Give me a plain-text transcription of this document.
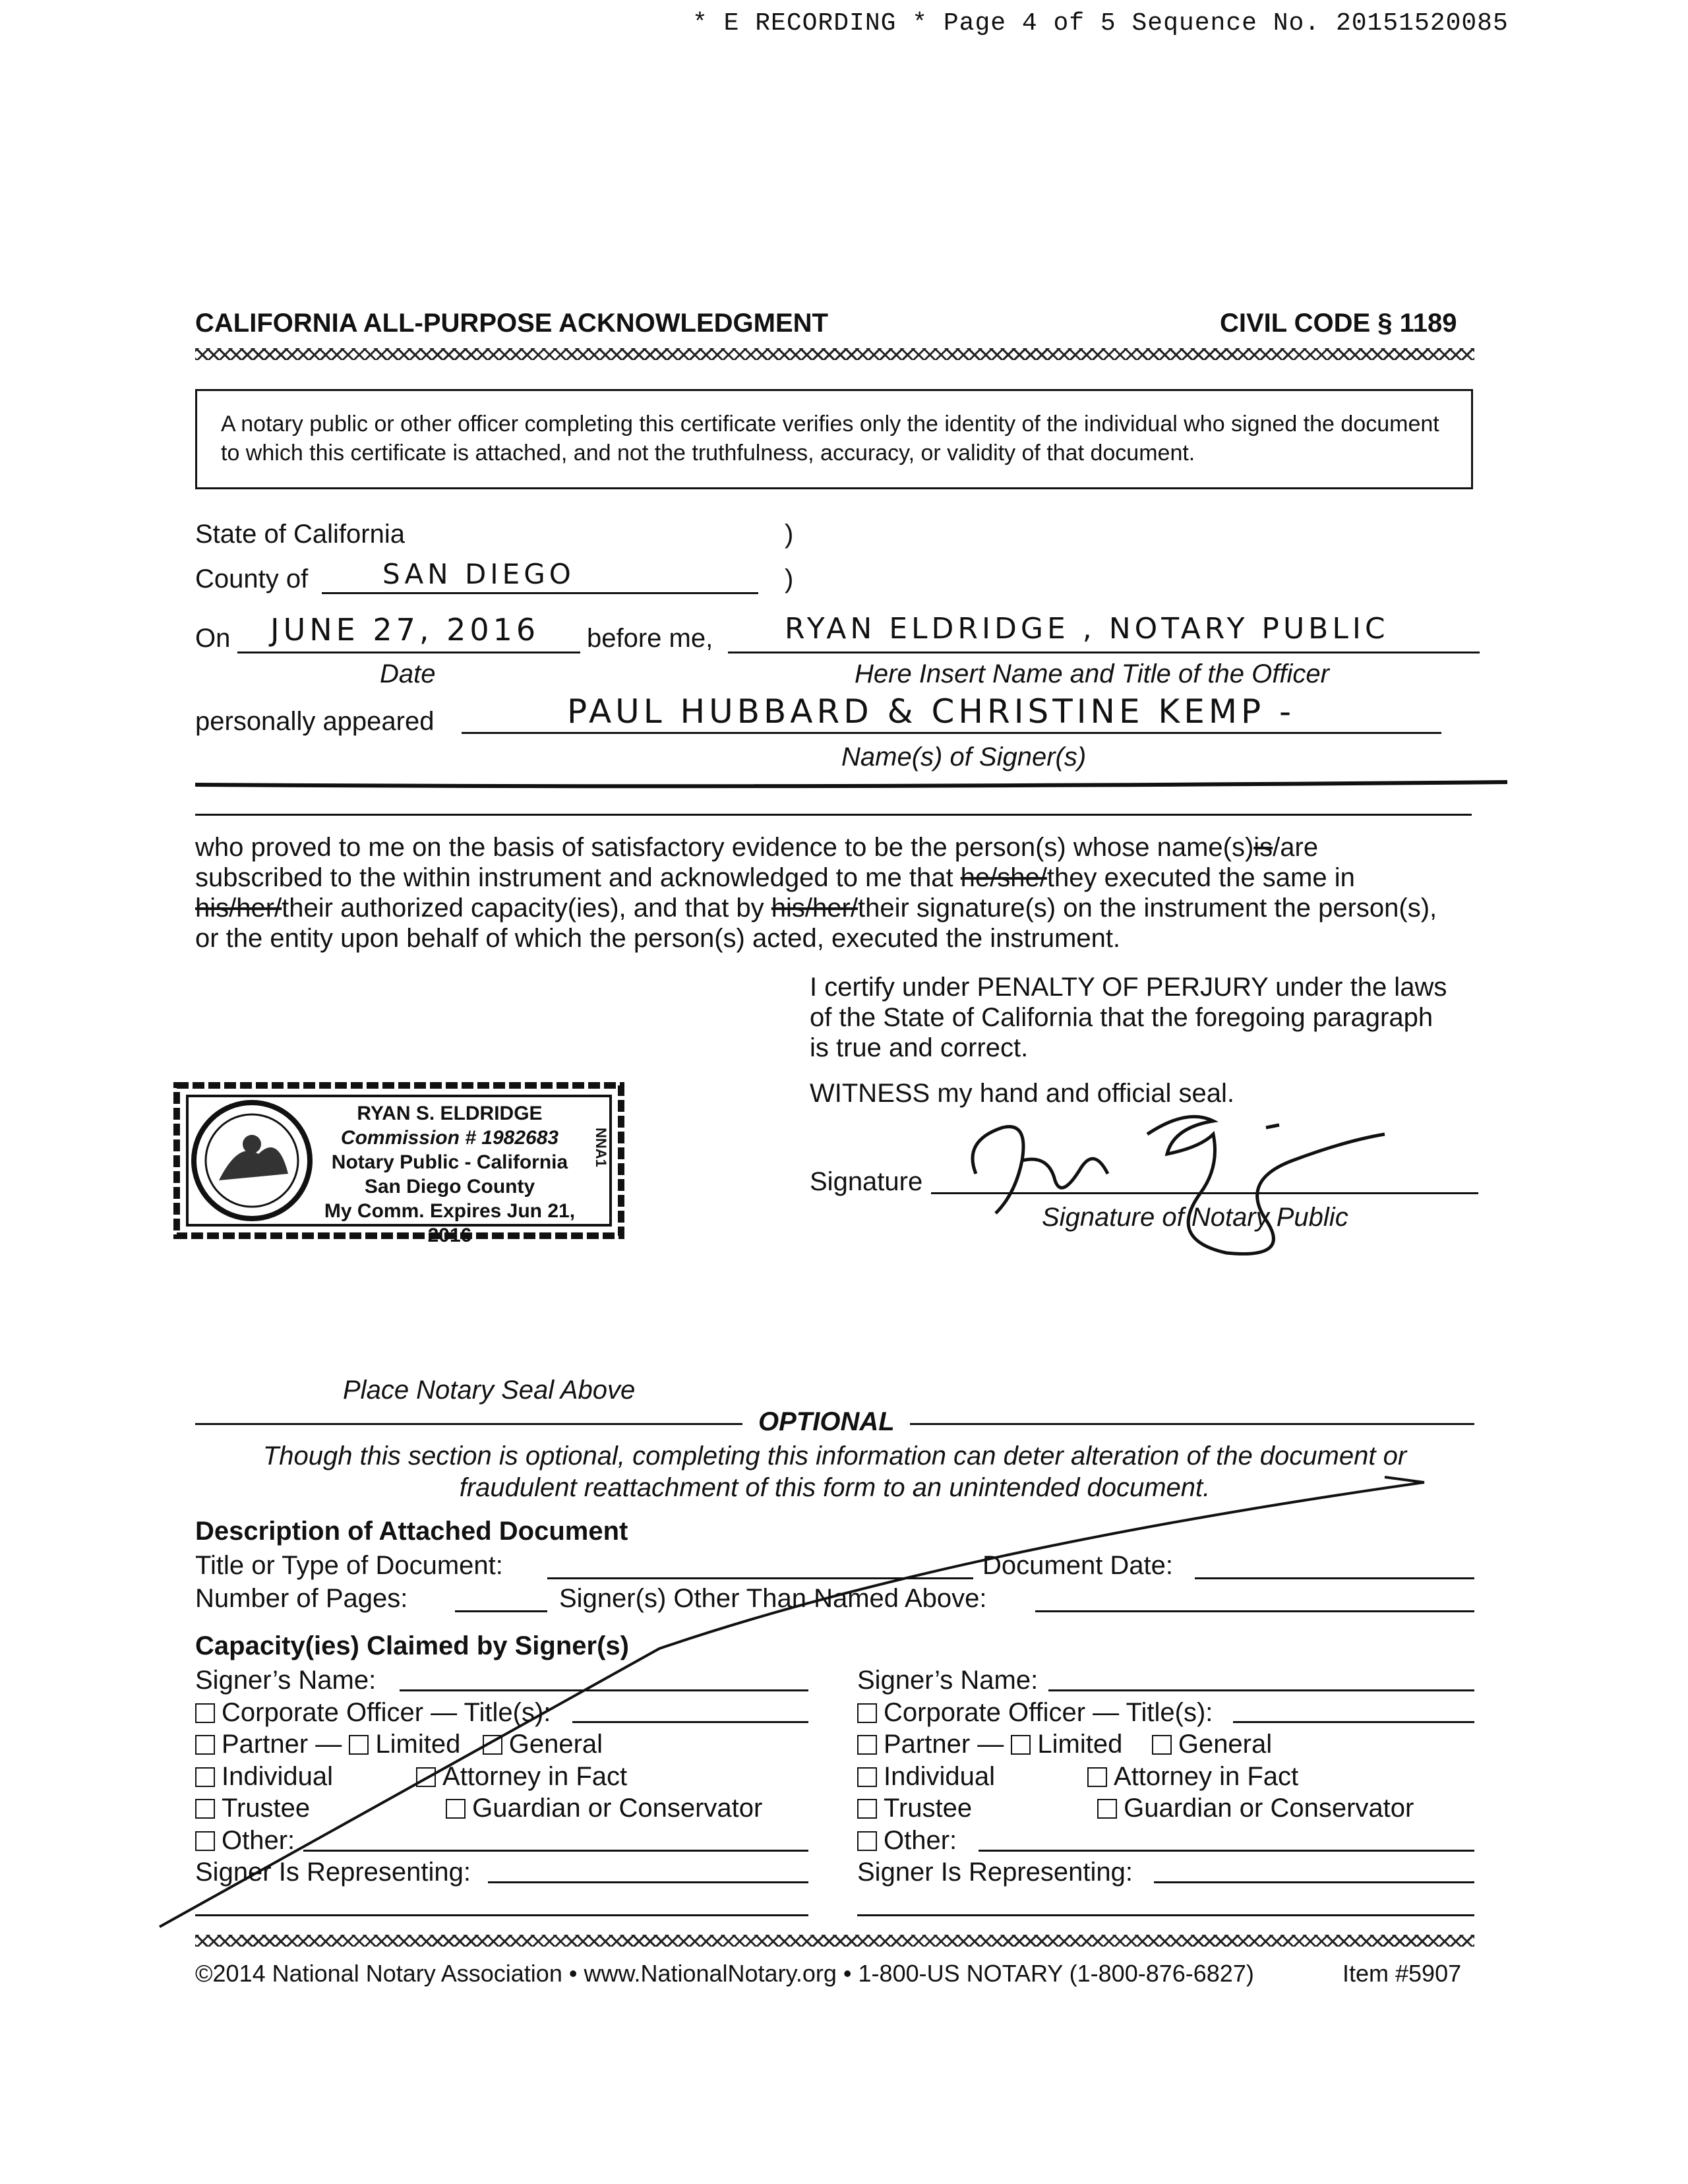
* E RECORDING * Page 4 of 5 Sequence No. 20151520085
CALIFORNIA ALL-PURPOSE ACKNOWLEDGMENT	CIVIL CODE § 1189
A notary public or other officer completing this certificate verifies only the identity of the individual who signed the document to which this certificate is attached, and not the truthfulness, accuracy, or validity of that document.
State of California	)
County of	SAN DIEGO	)
On JUNE 27, 2016 before me, RYAN ELDRIDGE , NOTARY PUBLIC
Date	Here Insert Name and Title of the Officer
personally appeared	PAUL HUBBARD & CHRISTINE KEMP -
Name(s) of Signer(s)
who proved to me on the basis of satisfactory evidence to be the person(s) whose name(s)is/are
subscribed to the within instrument and acknowledged to me that he/she/they executed the same in
his/her/their authorized capacity(ies), and that by his/her/their signature(s) on the instrument the person(s),
or the entity upon behalf of which the person(s) acted, executed the instrument.
I certify under PENALTY OF PERJURY under the laws
of the State of California that the foregoing paragraph
is true and correct.
WITNESS my hand and official seal.
Signature
Signature of Notary Public
RYAN S. ELDRIDGE
Commission # 1982683
Notary Public - California
San Diego County
My Comm. Expires Jun 21, 2016
NNA1
Place Notary Seal Above
OPTIONAL
Though this section is optional, completing this information can deter alteration of the document or
fraudulent reattachment of this form to an unintended document.
Description of Attached Document
Title or Type of Document:	Document Date:
Number of Pages:	Signer(s) Other Than Named Above:
Capacity(ies) Claimed by Signer(s)
Signer’s Name:
Corporate Officer — Title(s):
Partner — Limited General
Individual	Attorney in Fact
Trustee	Guardian or Conservator
Other:
Signer Is Representing:
Signer’s Name:
Corporate Officer — Title(s):
Partner — Limited General
Individual	Attorney in Fact
Trustee	Guardian or Conservator
Other:
Signer Is Representing:
©2014 National Notary Association • www.NationalNotary.org • 1-800-US NOTARY (1-800-876-6827)	Item #5907
